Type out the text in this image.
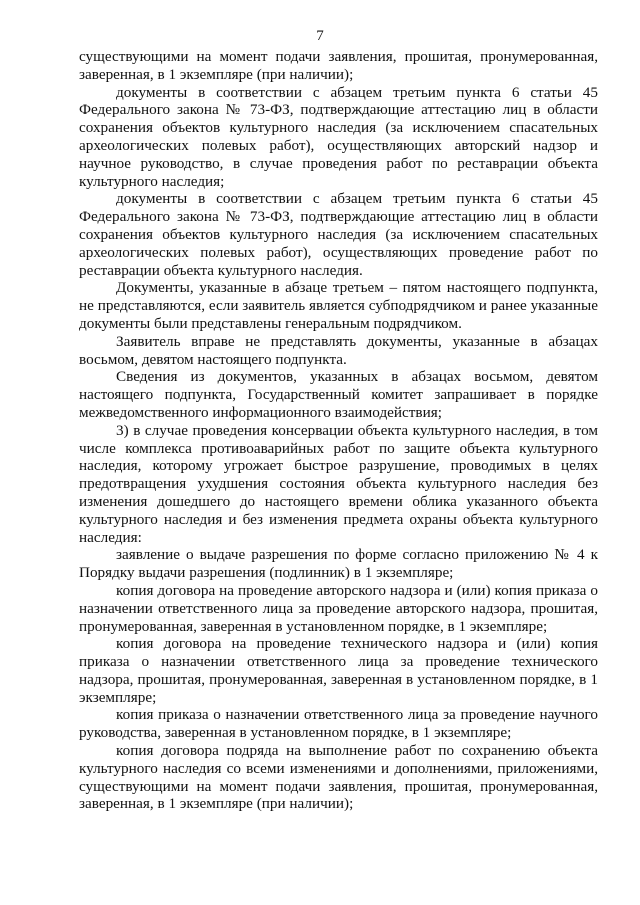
7

существующими на момент подачи заявления, прошитая, пронумерованная, заверенная, в 1 экземпляре (при наличии);

документы в соответствии с абзацем третьим пункта 6 статьи 45 Федерального закона № 73-ФЗ, подтверждающие аттестацию лиц в области сохранения объектов культурного наследия (за исключением спасательных археологических полевых работ), осуществляющих авторский надзор и научное руководство, в случае проведения работ по реставрации объекта культурного наследия;

документы в соответствии с абзацем третьим пункта 6 статьи 45 Федерального закона № 73-ФЗ, подтверждающие аттестацию лиц в области сохранения объектов культурного наследия (за исключением спасательных археологических полевых работ), осуществляющих проведение работ по реставрации объекта культурного наследия.

Документы, указанные в абзаце третьем – пятом настоящего подпункта, не представляются, если заявитель является субподрядчиком и ранее указанные документы были представлены генеральным подрядчиком.

Заявитель вправе не представлять документы, указанные в абзацах восьмом, девятом настоящего подпункта.

Сведения из документов, указанных в абзацах восьмом, девятом настоящего подпункта, Государственный комитет запрашивает в порядке межведомственного информационного взаимодействия;

3) в случае проведения консервации объекта культурного наследия, в том числе комплекса противоаварийных работ по защите объекта культурного наследия, которому угрожает быстрое разрушение, проводимых в целях предотвращения ухудшения состояния объекта культурного наследия без изменения дошедшего до настоящего времени облика указанного объекта культурного наследия и без изменения предмета охраны объекта культурного наследия:

заявление о выдаче разрешения по форме согласно приложению № 4 к Порядку выдачи разрешения (подлинник) в 1 экземпляре;

копия договора на проведение авторского надзора и (или) копия приказа о назначении ответственного лица за проведение авторского надзора, прошитая, пронумерованная, заверенная в установленном порядке, в 1 экземпляре;

копия договора на проведение технического надзора и (или) копия приказа о назначении ответственного лица за проведение технического надзора, прошитая, пронумерованная, заверенная в установленном порядке, в 1 экземпляре;

копия приказа о назначении ответственного лица за проведение научного руководства, заверенная в установленном порядке, в 1 экземпляре;

копия договора подряда на выполнение работ по сохранению объекта культурного наследия со всеми изменениями и дополнениями, приложениями, существующими на момент подачи заявления, прошитая, пронумерованная, заверенная, в 1 экземпляре (при наличии);
